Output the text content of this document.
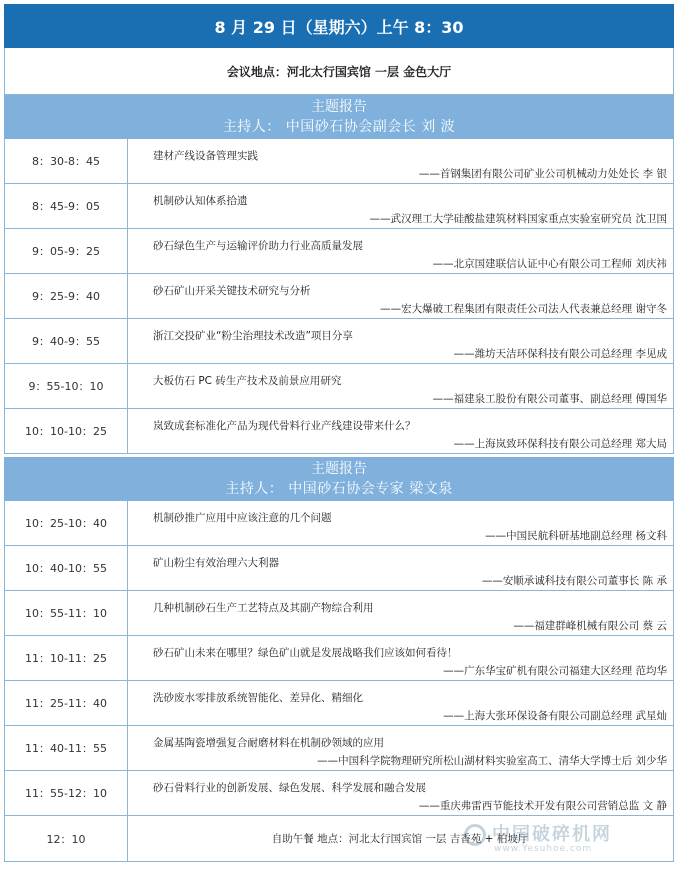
8 月 29 日（星期六）上午 8：30
会议地点：河北太行国宾馆 一层 金色大厅
主题报告
主持人： 中国砂石协会副会长 刘 波
8：30-8：45	建材产线设备管理实践
——首钢集团有限公司矿业公司机械动力处处长 李 银
8：45-9：05	机制砂认知体系拾遗
——武汉理工大学硅酸盐建筑材料国家重点实验室研究员 沈卫国
9：05-9：25	砂石绿色生产与运输评价助力行业高质量发展
——北京国建联信认证中心有限公司工程师 刘庆祎
9：25-9：40	砂石矿山开采关键技术研究与分析
——宏大爆破工程集团有限责任公司法人代表兼总经理 谢守冬
9：40-9：55	浙江交投矿业“粉尘治理技术改造”项目分享
——潍坊天洁环保科技有限公司总经理 李见成
9：55-10：10	大板仿石 PC 砖生产技术及前景应用研究
——福建泉工股份有限公司董事、副总经理 傅国华
10：10-10：25	岚致成套标准化产品为现代骨料行业产线建设带来什么？
——上海岚致环保科技有限公司总经理 郑大局
主题报告
主持人： 中国砂石协会专家 梁文泉
10：25-10：40	机制砂推广应用中应该注意的几个问题
——中国民航科研基地副总经理 杨文科
10：40-10：55	矿山粉尘有效治理六大利器
——安顺承诚科技有限公司董事长 陈 承
10：55-11：10	几种机制砂石生产工艺特点及其副产物综合利用
——福建群峰机械有限公司 蔡 云
11：10-11：25	砂石矿山未来在哪里？绿色矿山就是发展战略我们应该如何看待！
——广东华宝矿机有限公司福建大区经理 范均华
11：25-11：40	洗砂废水零排放系统智能化、差异化、精细化
——上海大张环保设备有限公司副总经理 武星灿
11：40-11：55	金属基陶瓷增强复合耐磨材料在机制砂领域的应用
——中国科学院物理研究所松山湖材料实验室高工、清华大学博士后 刘少华
11：55-12：10	砂石骨料行业的创新发展、绿色发展、科学发展和融合发展
——重庆弗雷西节能技术开发有限公司营销总监 文 静
12：10	自助午餐 地点：河北太行国宾馆 一层 吉香苑 + 柏坡厅
中国破碎机网
www.Yesuhoe.com
